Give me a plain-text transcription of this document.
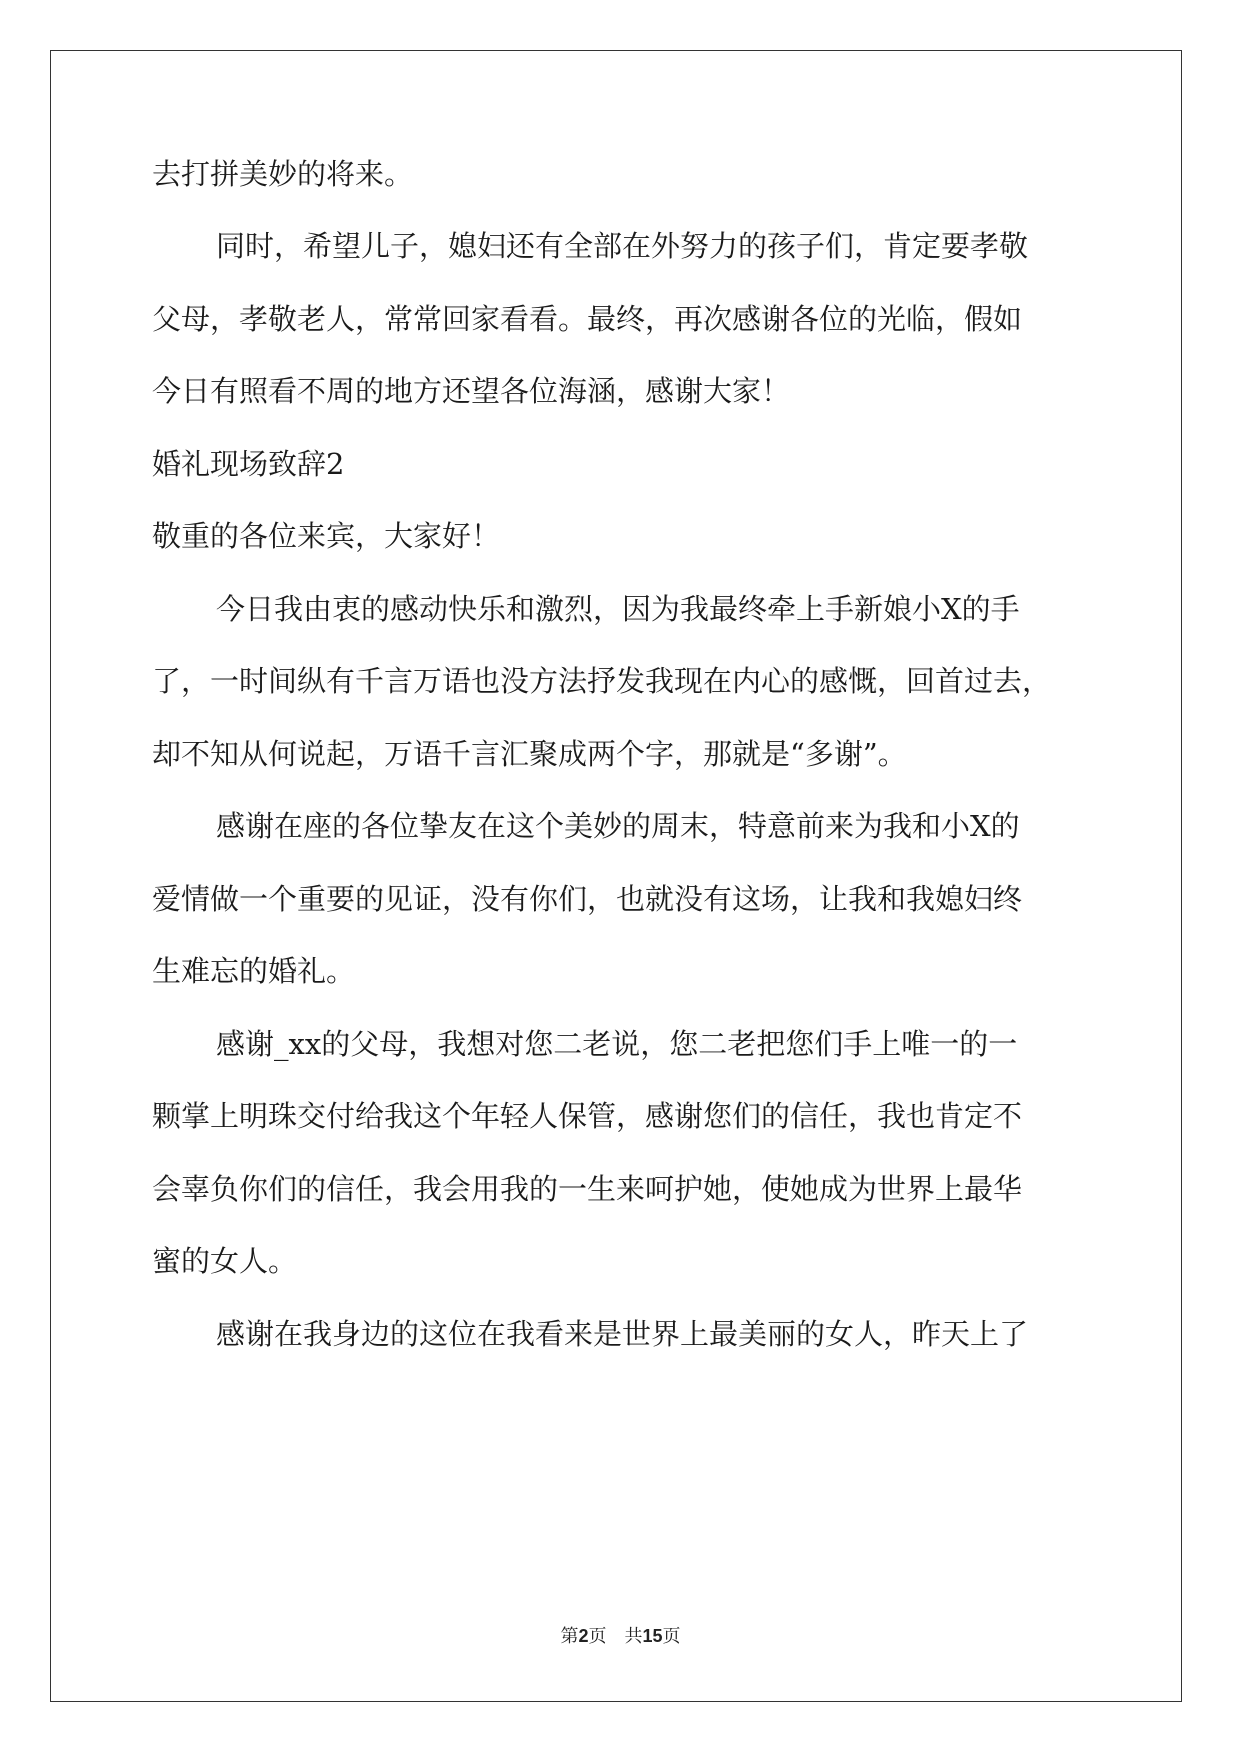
去打拼美妙的将来。
同时，希望儿子，媳妇还有全部在外努力的孩子们，肯定要孝敬
父母，孝敬老人，常常回家看看。最终，再次感谢各位的光临，假如
今日有照看不周的地方还望各位海涵，感谢大家！
婚礼现场致辞2
敬重的各位来宾，大家好！
今日我由衷的感动快乐和激烈，因为我最终牵上手新娘小X的手
了，一时间纵有千言万语也没方法抒发我现在内心的感慨，回首过去，
却不知从何说起，万语千言汇聚成两个字，那就是“多谢”。
感谢在座的各位挚友在这个美妙的周末，特意前来为我和小X的
爱情做一个重要的见证，没有你们，也就没有这场，让我和我媳妇终
生难忘的婚礼。
感谢_xx的父母，我想对您二老说，您二老把您们手上唯一的一
颗掌上明珠交付给我这个年轻人保管，感谢您们的信任，我也肯定不
会辜负你们的信任，我会用我的一生来呵护她，使她成为世界上最华
蜜的女人。
感谢在我身边的这位在我看来是世界上最美丽的女人，昨天上了
第2页　共15页
